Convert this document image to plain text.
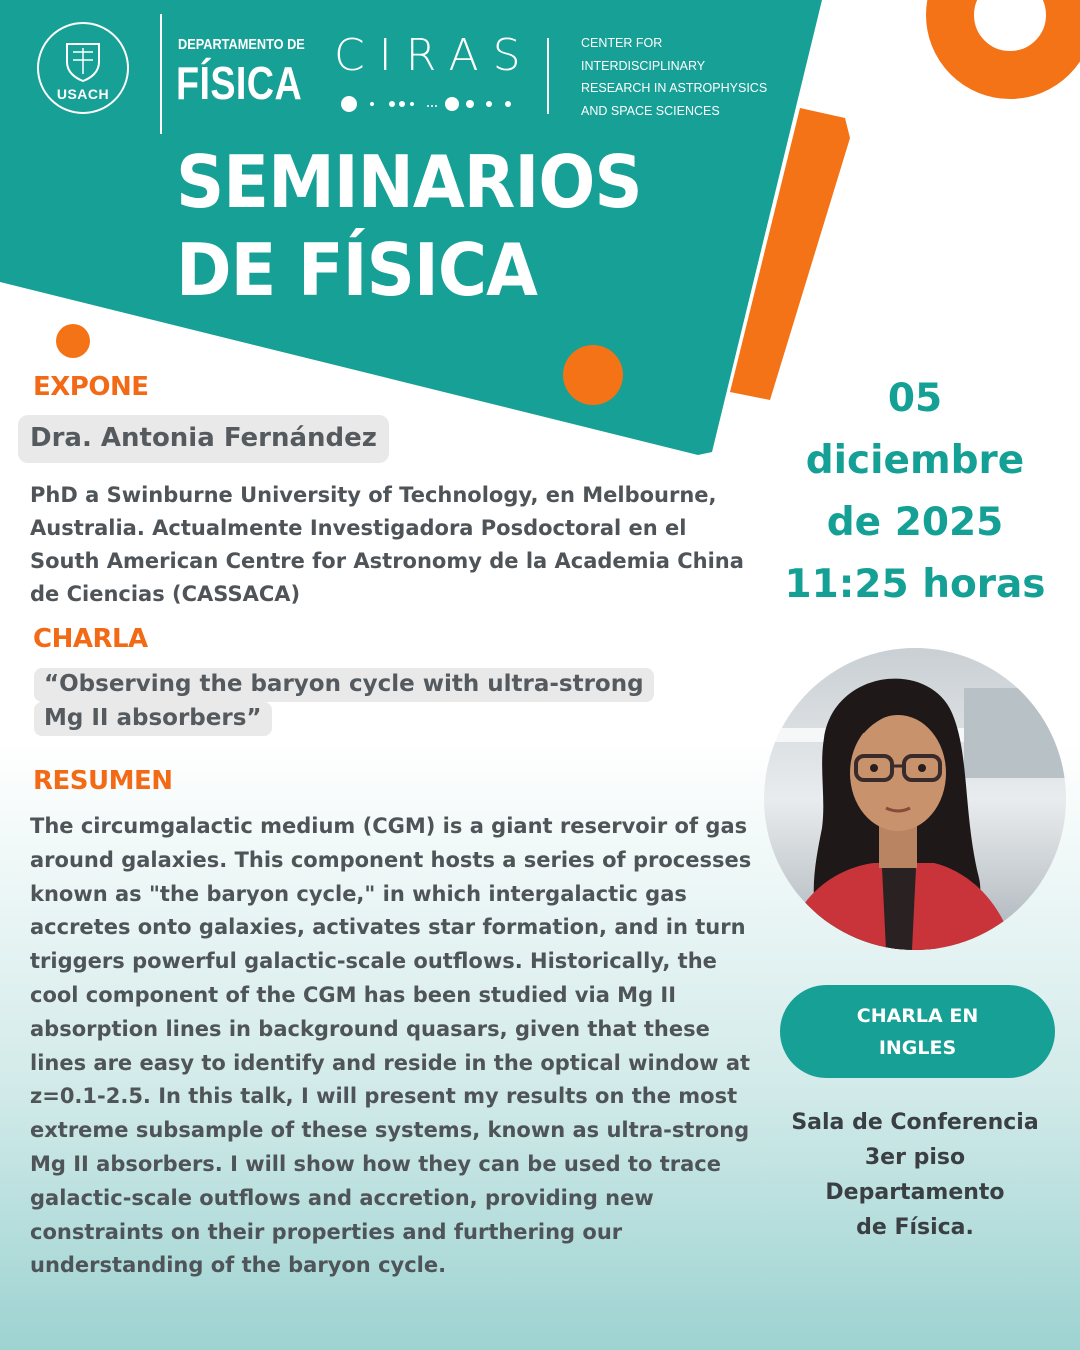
USACH
DEPARTAMENTO DE
FÍSICA
CIRAS	CENTER FOR
INTERDISCIPLINARY
RESEARCH IN ASTROPHYSICS
AND SPACE SCIENCES
SEMINARIOS
DE FÍSICA
EXPONE
Dra. Antonia Fernández
PhD a Swinburne University of Technology, en Melbourne, Australia. Actualmente Investigadora Posdoctoral en el South American Centre for Astronomy de la Academia China de Ciencias (CASSACA)
CHARLA
“Observing the baryon cycle with ultra-strong
Mg II absorbers”
RESUMEN
The circumgalactic medium (CGM) is a giant reservoir of gas around galaxies. This component hosts a series of processes known as "the baryon cycle," in which intergalactic gas accretes onto galaxies, activates star formation, and in turn triggers powerful galactic-scale outflows. Historically, the cool component of the CGM has been studied via Mg II absorption lines in background quasars, given that these lines are easy to identify and reside in the optical window at z=0.1-2.5. In this talk, I will present my results on the most extreme subsample of these systems, known as ultra-strong Mg II absorbers. I will show how they can be used to trace galactic-scale outflows and accretion, providing new constraints on their properties and furthering our understanding of the baryon cycle.
05
diciembre
de 2025
11:25 horas
CHARLA EN
INGLES
Sala de Conferencia
3er piso
Departamento
de Física.
